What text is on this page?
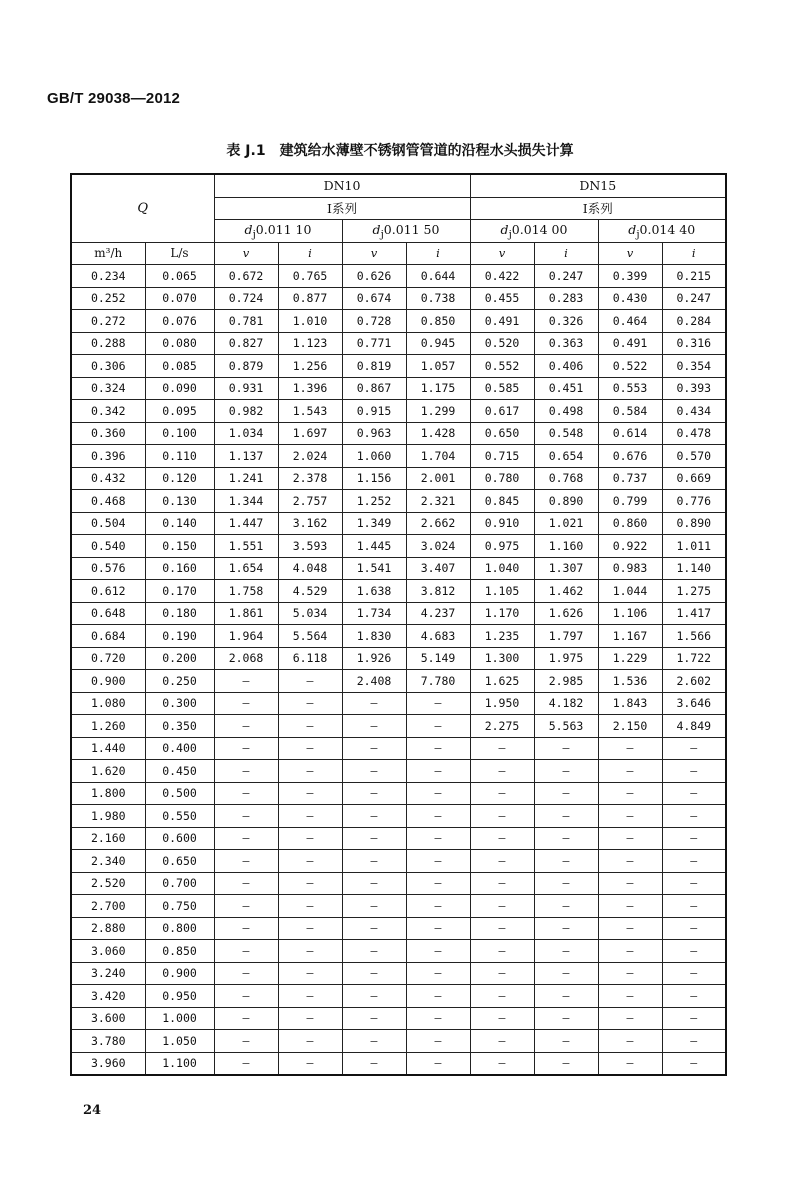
GB/T 29038—2012
表 J.1　建筑给水薄壁不锈钢管管道的沿程水头损失计算
Q		DN10				DN15			
		Ⅰ系列				Ⅰ系列			
		$d_j0.011$ 10		$d_j0.011$ 50		$d_j0.014$ 00		$d_j0.014$ 40	
m³/h	L/s	v	i	v	i	v	i	v	i
0.234	0.065	0.672	0.765	0.626	0.644	0.422	0.247	0.399	0.215
0.252	0.070	0.724	0.877	0.674	0.738	0.455	0.283	0.430	0.247
0.272	0.076	0.781	1.010	0.728	0.850	0.491	0.326	0.464	0.284
0.288	0.080	0.827	1.123	0.771	0.945	0.520	0.363	0.491	0.316
0.306	0.085	0.879	1.256	0.819	1.057	0.552	0.406	0.522	0.354
0.324	0.090	0.931	1.396	0.867	1.175	0.585	0.451	0.553	0.393
0.342	0.095	0.982	1.543	0.915	1.299	0.617	0.498	0.584	0.434
0.360	0.100	1.034	1.697	0.963	1.428	0.650	0.548	0.614	0.478
0.396	0.110	1.137	2.024	1.060	1.704	0.715	0.654	0.676	0.570
0.432	0.120	1.241	2.378	1.156	2.001	0.780	0.768	0.737	0.669
0.468	0.130	1.344	2.757	1.252	2.321	0.845	0.890	0.799	0.776
0.504	0.140	1.447	3.162	1.349	2.662	0.910	1.021	0.860	0.890
0.540	0.150	1.551	3.593	1.445	3.024	0.975	1.160	0.922	1.011
0.576	0.160	1.654	4.048	1.541	3.407	1.040	1.307	0.983	1.140
0.612	0.170	1.758	4.529	1.638	3.812	1.105	1.462	1.044	1.275
0.648	0.180	1.861	5.034	1.734	4.237	1.170	1.626	1.106	1.417
0.684	0.190	1.964	5.564	1.830	4.683	1.235	1.797	1.167	1.566
0.720	0.200	2.068	6.118	1.926	5.149	1.300	1.975	1.229	1.722
0.900	0.250	—	—	2.408	7.780	1.625	2.985	1.536	2.602
1.080	0.300	—	—	—	—	1.950	4.182	1.843	3.646
1.260	0.350	—	—	—	—	2.275	5.563	2.150	4.849
1.440	0.400	—	—	—	—	—	—	—	—
1.620	0.450	—	—	—	—	—	—	—	—
1.800	0.500	—	—	—	—	—	—	—	—
1.980	0.550	—	—	—	—	—	—	—	—
2.160	0.600	—	—	—	—	—	—	—	—
2.340	0.650	—	—	—	—	—	—	—	—
2.520	0.700	—	—	—	—	—	—	—	—
2.700	0.750	—	—	—	—	—	—	—	—
2.880	0.800	—	—	—	—	—	—	—	—
3.060	0.850	—	—	—	—	—	—	—	—
3.240	0.900	—	—	—	—	—	—	—	—
3.420	0.950	—	—	—	—	—	—	—	—
3.600	1.000	—	—	—	—	—	—	—	—
3.780	1.050	—	—	—	—	—	—	—	—
3.960	1.100	—	—	—	—	—	—	—	—
24
